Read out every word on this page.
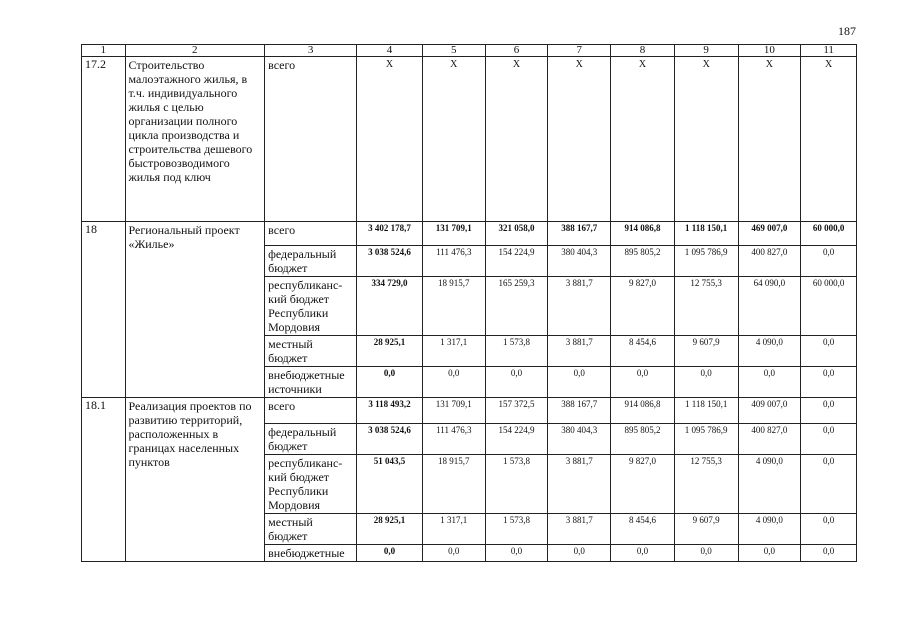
187
1	2	3	4	5	6	7	8	9	10	11
17.2	Строительство малоэтажного жилья, в т.ч. индивидуального жилья с целью организации полного цикла производства и строительства дешевого быстровозводимого жилья под ключ	всего	X	X	X	X	X	X	X	X
18	Региональный проект «Жилье»	всего	3 402 178,7	131 709,1	321 058,0	388 167,7	914 086,8	1 118 150,1	469 007,0	60 000,0
		федеральный бюджет	3 038 524,6	111 476,3	154 224,9	380 404,3	895 805,2	1 095 786,9	400 827,0	0,0
		республиканс-кий бюджет Республики Мордовия	334 729,0	18 915,7	165 259,3	3 881,7	9 827,0	12 755,3	64 090,0	60 000,0
		местный бюджет	28 925,1	1 317,1	1 573,8	3 881,7	8 454,6	9 607,9	4 090,0	0,0
		внебюджетные источники	0,0	0,0	0,0	0,0	0,0	0,0	0,0	0,0
18.1	Реализация проектов по развитию территорий, расположенных в границах населенных пунктов	всего	3 118 493,2	131 709,1	157 372,5	388 167,7	914 086,8	1 118 150,1	409 007,0	0,0
		федеральный бюджет	3 038 524,6	111 476,3	154 224,9	380 404,3	895 805,2	1 095 786,9	400 827,0	0,0
		республиканс-кий бюджет Республики Мордовия	51 043,5	18 915,7	1 573,8	3 881,7	9 827,0	12 755,3	4 090,0	0,0
		местный бюджет	28 925,1	1 317,1	1 573,8	3 881,7	8 454,6	9 607,9	4 090,0	0,0
		внебюджетные	0,0	0,0	0,0	0,0	0,0	0,0	0,0	0,0
